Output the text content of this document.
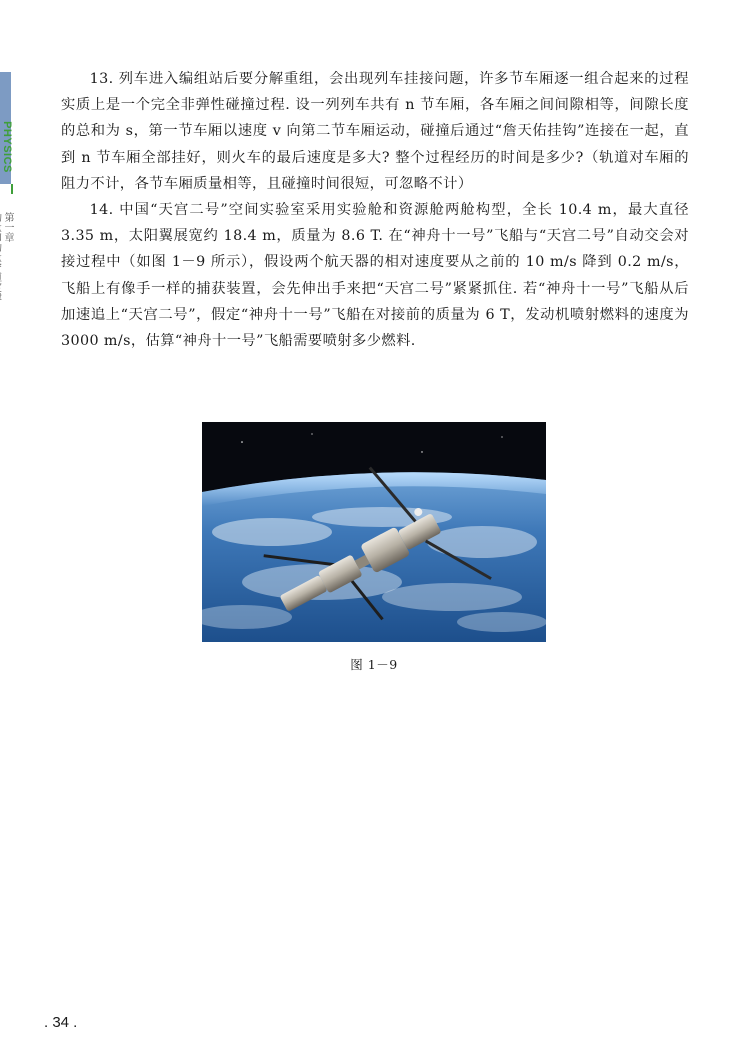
PHYSICS
第一章

13. 列车进入编组站后要分解重组，会出现列车挂接问题，许多节车厢逐一组合起来的过程实质上是一个完全非弹性碰撞过程. 设一列列车共有 n 节车厢，各车厢之间间隙相等，间隙长度的总和为 s，第一节车厢以速度 v 向第二节车厢运动，碰撞后通过“詹天佑挂钩”连接在一起，直到 n 节车厢全部挂好，则火车的最后速度是多大? 整个过程经历的时间是多少?（轨道对车厢的阻力不计，各节车厢质量相等，且碰撞时间很短，可忽略不计）

14. 中国“天宫二号”空间实验室采用实验舱和资源舱两舱构型，全长 10.4 m，最大直径 3.35 m，太阳翼展宽约 18.4 m，质量为 8.6 T. 在“神舟十一号”飞船与“天宫二号”自动交会对接过程中（如图 1－9 所示），假设两个航天器的相对速度要从之前的 10 m/s 降到 0.2 m/s，飞船上有像手一样的捕获装置，会先伸出手来把“天宫二号”紧紧抓住. 若“神舟十一号”飞船从后加速追上“天宫二号”，假定“神舟十一号”飞船在对接前的质量为 6 T，发动机喷射燃料的速度为 3000 m/s，估算“神舟十一号”飞船需要喷射多少燃料.

图 1－9
. 34 .
